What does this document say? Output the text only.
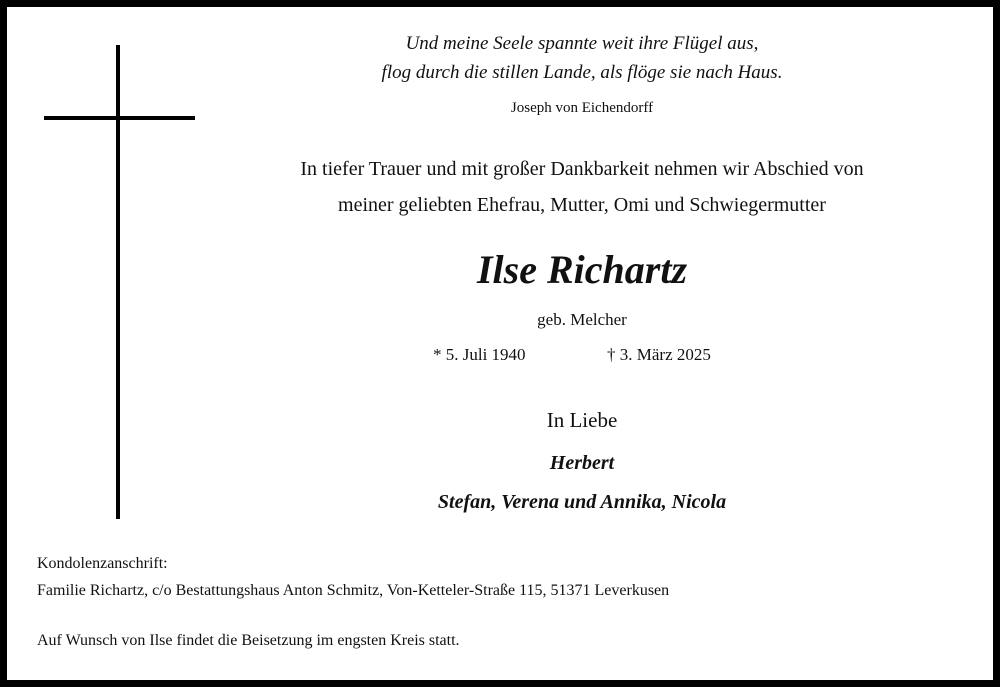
Und meine Seele spannte weit ihre Flügel aus,
flog durch die stillen Lande, als flöge sie nach Haus.
Joseph von Eichendorff
In tiefer Trauer und mit großer Dankbarkeit nehmen wir Abschied von
meiner geliebten Ehefrau, Mutter, Omi und Schwiegermutter
Ilse Richartz
geb. Melcher
* 5. Juli 1940	† 3. März 2025
In Liebe
Herbert
Stefan, Verena und Annika, Nicola
Kondolenzanschrift:
Familie Richartz, c/o Bestattungshaus Anton Schmitz, Von-Ketteler-Straße 115, 51371 Leverkusen
Auf Wunsch von Ilse findet die Beisetzung im engsten Kreis statt.
